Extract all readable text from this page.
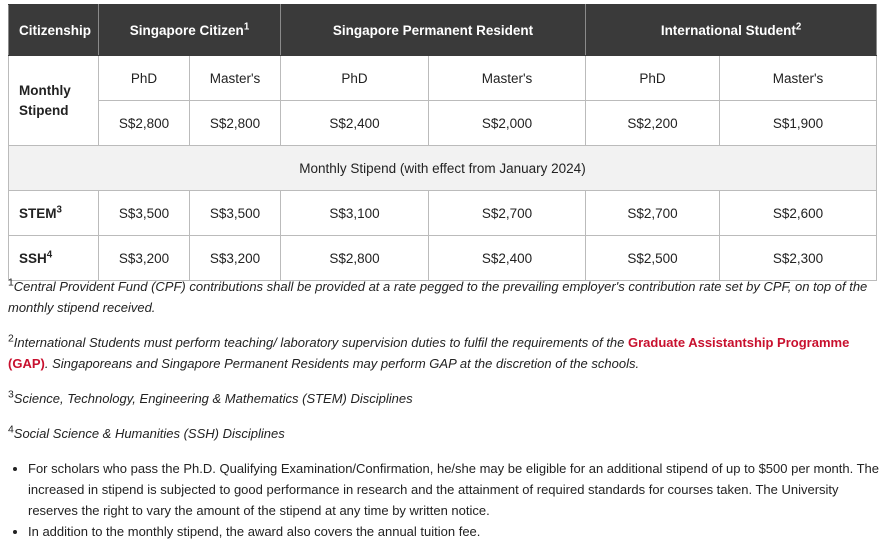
Citizenship	Singapore Citizen$^1$		Singapore Permanent Resident		International Student$^2$
Monthly Stipend	PhD	Master's	PhD	Master's	PhD	Master's
	S$2,800	S$2,800	S$2,400	S$2,000	S$2,200	S$1,900
Monthly Stipend (with effect from January 2024)						
STEM$^3$	S$3,500	S$3,500	S$3,100	S$2,700	S$2,700	S$2,600
SSH$^4$	S$3,200	S$3,200	S$2,800	S$2,400	S$2,500	S$2,300

$^1$Central Provident Fund (CPF) contributions shall be provided at a rate pegged to the prevailing employer's contribution rate set by CPF, on top of the monthly stipend received.

$^2$International Students must perform teaching/ laboratory supervision duties to fulfil the requirements of the Graduate Assistantship Programme (GAP). Singaporeans and Singapore Permanent Residents may perform GAP at the discretion of the schools.

$^3$Science, Technology, Engineering & Mathematics (STEM) Disciplines

$^4$Social Science & Humanities (SSH) Disciplines

• For scholars who pass the Ph.D. Qualifying Examination/Confirmation, he/she may be eligible for an additional stipend of up to $500 per month. The increased in stipend is subjected to good performance in research and the attainment of required standards for courses taken. The University reserves the right to vary the amount of the stipend at any time by written notice.
• In addition to the monthly stipend, the award also covers the annual tuition fee.
